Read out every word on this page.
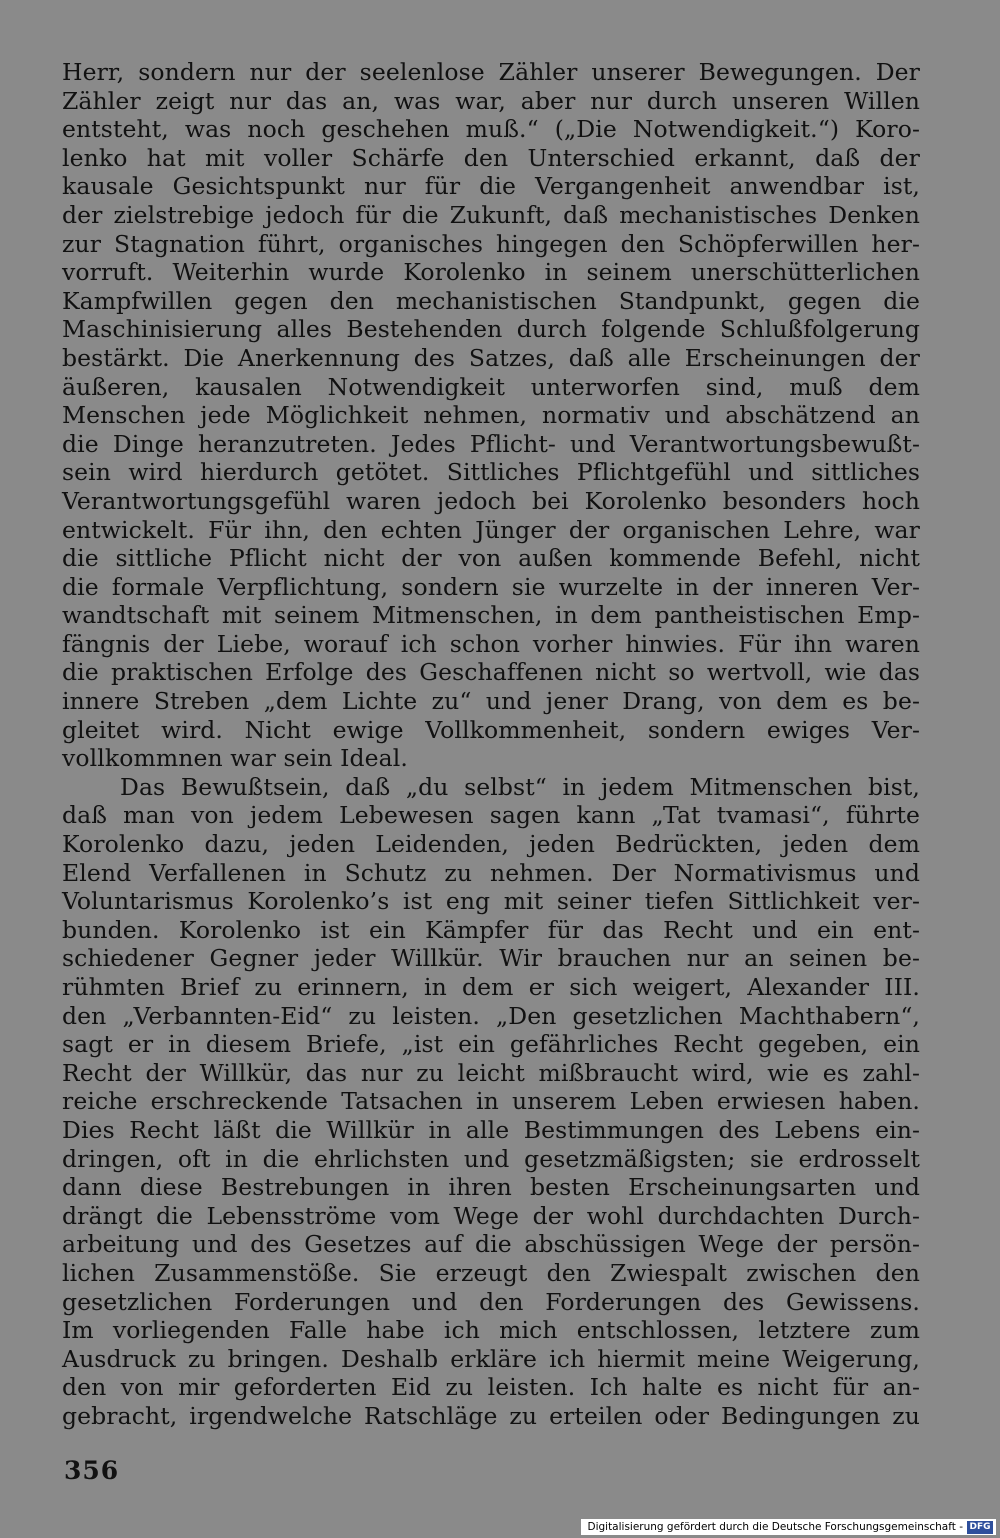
Herr, sondern nur der seelenlose Zähler unserer Bewegungen. Der
Zähler zeigt nur das an, was war, aber nur durch unseren Willen
entsteht, was noch geschehen muß.“ („Die Notwendigkeit.“) Koro-
lenko hat mit voller Schärfe den Unterschied erkannt, daß der
kausale Gesichtspunkt nur für die Vergangenheit anwendbar ist,
der zielstrebige jedoch für die Zukunft, daß mechanistisches Denken
zur Stagnation führt, organisches hingegen den Schöpferwillen her-
vorruft. Weiterhin wurde Korolenko in seinem unerschütterlichen
Kampfwillen gegen den mechanistischen Standpunkt, gegen die
Maschinisierung alles Bestehenden durch folgende Schlußfolgerung
bestärkt. Die Anerkennung des Satzes, daß alle Erscheinungen der
äußeren, kausalen Notwendigkeit unterworfen sind, muß dem
Menschen jede Möglichkeit nehmen, normativ und abschätzend an
die Dinge heranzutreten. Jedes Pflicht- und Verantwortungsbewußt-
sein wird hierdurch getötet. Sittliches Pflichtgefühl und sittliches
Verantwortungsgefühl waren jedoch bei Korolenko besonders hoch
entwickelt. Für ihn, den echten Jünger der organischen Lehre, war
die sittliche Pflicht nicht der von außen kommende Befehl, nicht
die formale Verpflichtung, sondern sie wurzelte in der inneren Ver-
wandtschaft mit seinem Mitmenschen, in dem pantheistischen Emp-
fängnis der Liebe, worauf ich schon vorher hinwies. Für ihn waren
die praktischen Erfolge des Geschaffenen nicht so wertvoll, wie das
innere Streben „dem Lichte zu“ und jener Drang, von dem es be-
gleitet wird. Nicht ewige Vollkommenheit, sondern ewiges Ver-
vollkommnen war sein Ideal.
Das Bewußtsein, daß „du selbst“ in jedem Mitmenschen bist,
daß man von jedem Lebewesen sagen kann „Tat tvamasi“, führte
Korolenko dazu, jeden Leidenden, jeden Bedrückten, jeden dem
Elend Verfallenen in Schutz zu nehmen. Der Normativismus und
Voluntarismus Korolenko’s ist eng mit seiner tiefen Sittlichkeit ver-
bunden. Korolenko ist ein Kämpfer für das Recht und ein ent-
schiedener Gegner jeder Willkür. Wir brauchen nur an seinen be-
rühmten Brief zu erinnern, in dem er sich weigert, Alexander III.
den „Verbannten-Eid“ zu leisten. „Den gesetzlichen Machthabern“,
sagt er in diesem Briefe, „ist ein gefährliches Recht gegeben, ein
Recht der Willkür, das nur zu leicht mißbraucht wird, wie es zahl-
reiche erschreckende Tatsachen in unserem Leben erwiesen haben.
Dies Recht läßt die Willkür in alle Bestimmungen des Lebens ein-
dringen, oft in die ehrlichsten und gesetzmäßigsten; sie erdrosselt
dann diese Bestrebungen in ihren besten Erscheinungsarten und
drängt die Lebensströme vom Wege der wohl durchdachten Durch-
arbeitung und des Gesetzes auf die abschüssigen Wege der persön-
lichen Zusammenstöße. Sie erzeugt den Zwiespalt zwischen den
gesetzlichen Forderungen und den Forderungen des Gewissens.
Im vorliegenden Falle habe ich mich entschlossen, letztere zum
Ausdruck zu bringen. Deshalb erkläre ich hiermit meine Weigerung,
den von mir geforderten Eid zu leisten. Ich halte es nicht für an-
gebracht, irgendwelche Ratschläge zu erteilen oder Bedingungen zu
356
Digitalisierung gefördert durch die Deutsche Forschungsgemeinschaft - DFG
